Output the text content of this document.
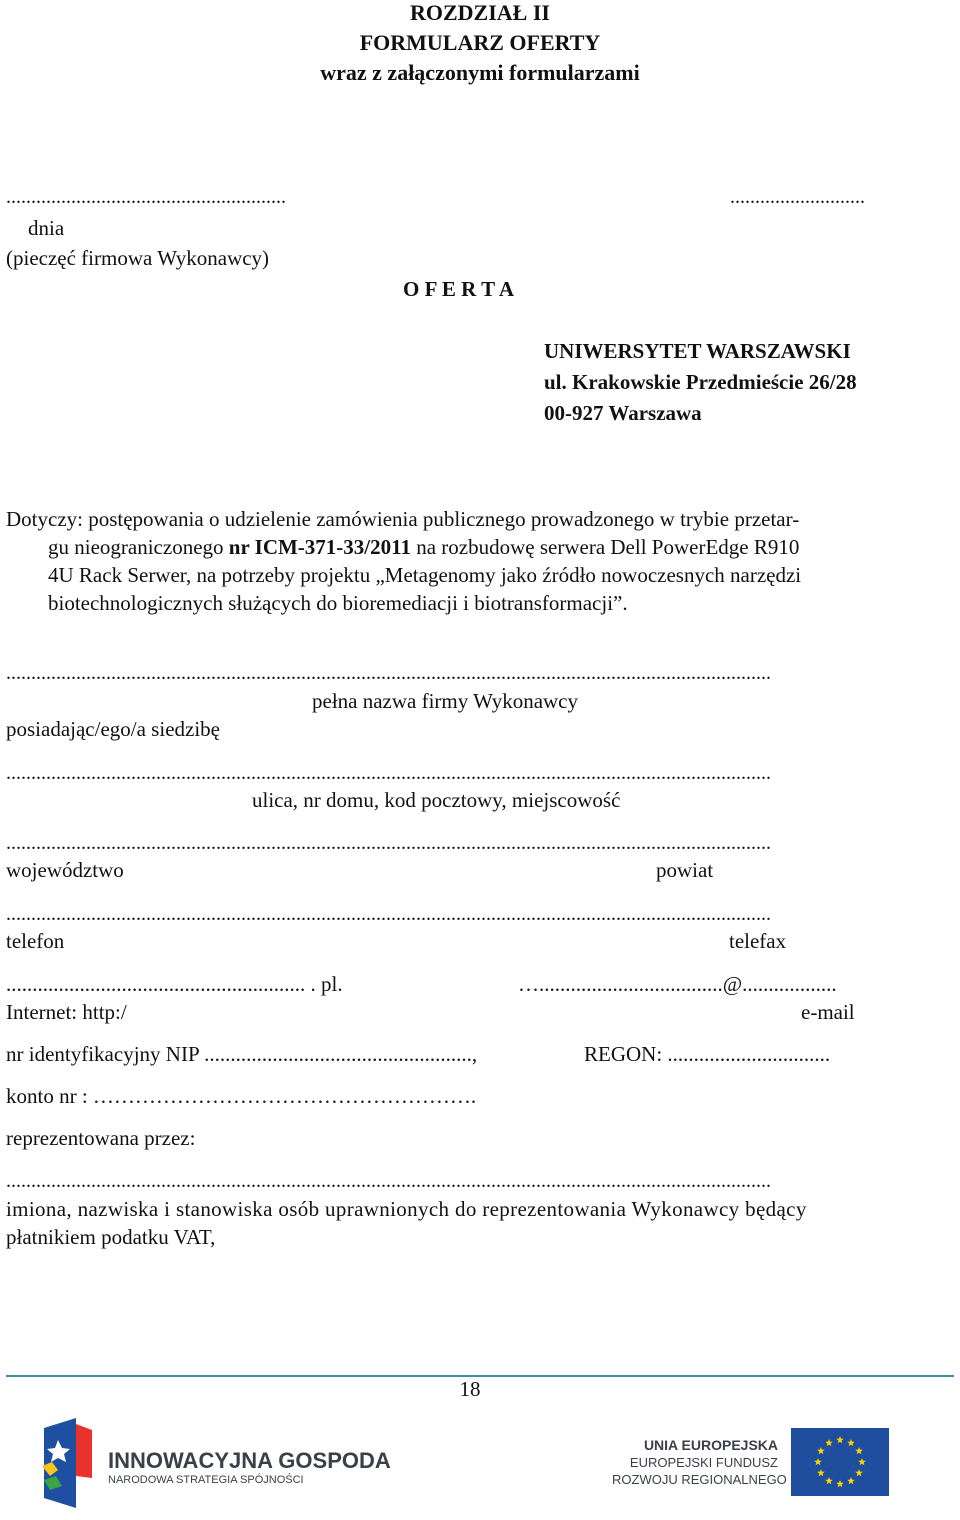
ROZDZIAŁ II
FORMULARZ OFERTY
wraz z załączonymi formularzami
........................................................	...........................
dnia
(pieczęć firmowa Wykonawcy)
O F E R T A
UNIWERSYTET WARSZAWSKI
ul. Krakowskie Przedmieście 26/28
00-927 Warszawa
Dotyczy: postępowania o udzielenie zamówienia publicznego prowadzonego w trybie przetar-
gu nieograniczonego nr ICM-371-33/2011 na rozbudowę serwera Dell PowerEdge R910
4U Rack Serwer, na potrzeby projektu „Metagenomy jako źródło nowoczesnych narzędzi
biotechnologicznych służących do bioremediacji i biotransformacji”.
.........................................................................................................................................................
pełna nazwa firmy Wykonawcy
posiadając/ego/a siedzibę
.........................................................................................................................................................
ulica, nr domu, kod pocztowy, miejscowość
.........................................................................................................................................................
województwo	powiat
.........................................................................................................................................................
telefon	telefax
......................................................... . pl.	…...................................@..................
Internet: http:/	e-mail
nr identyfikacyjny NIP ...................................................,	REGON: ...............................
konto nr : ……………………………………………….
reprezentowana przez:
.........................................................................................................................................................
imiona, nazwiska i stanowiska osób uprawnionych do reprezentowania Wykonawcy będący
płatnikiem podatku VAT,
18
INNOWACYJNA GOSPODA
NARODOWA STRATEGIA SPÓJNOŚCI
UNIA EUROPEJSKA
EUROPEJSKI FUNDUSZ
ROZWOJU REGIONALNEGO
